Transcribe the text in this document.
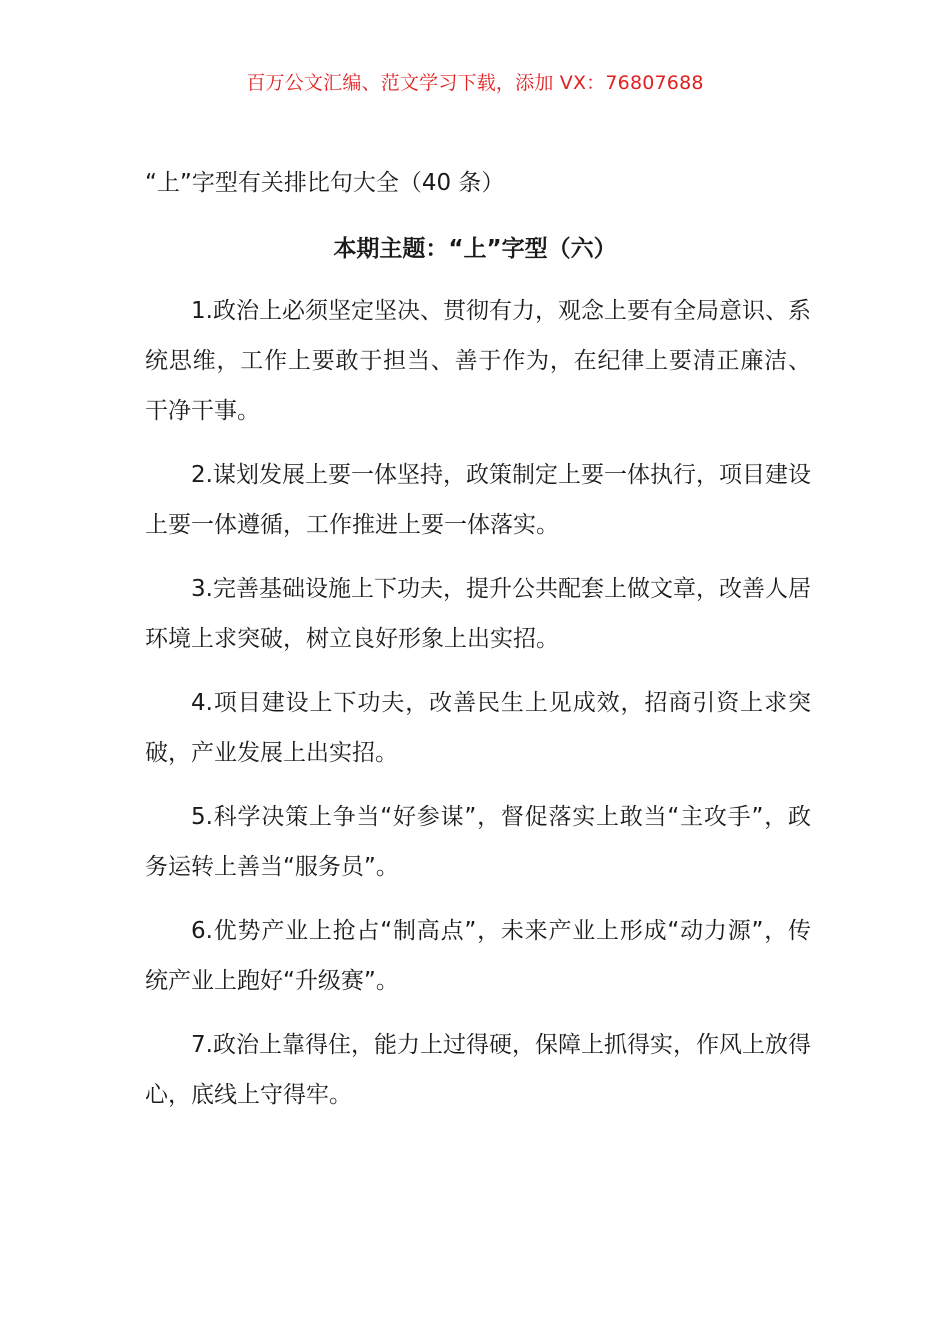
百万公文汇编、范文学习下载，添加 VX：76807688
“上”字型有关排比句大全（40 条）
本期主题：“上”字型（六）
1.政治上必须坚定坚决、贯彻有力，观念上要有全局意识、系统思维，工作上要敢于担当、善于作为，在纪律上要清正廉洁、干净干事。
2.谋划发展上要一体坚持，政策制定上要一体执行，项目建设上要一体遵循，工作推进上要一体落实。
3.完善基础设施上下功夫，提升公共配套上做文章，改善人居环境上求突破，树立良好形象上出实招。
4.项目建设上下功夫，改善民生上见成效，招商引资上求突破，产业发展上出实招。
5.科学决策上争当“好参谋”，督促落实上敢当“主攻手”，政务运转上善当“服务员”。
6.优势产业上抢占“制高点”，未来产业上形成“动力源”，传统产业上跑好“升级赛”。
7.政治上靠得住，能力上过得硬，保障上抓得实，作风上放得心，底线上守得牢。
